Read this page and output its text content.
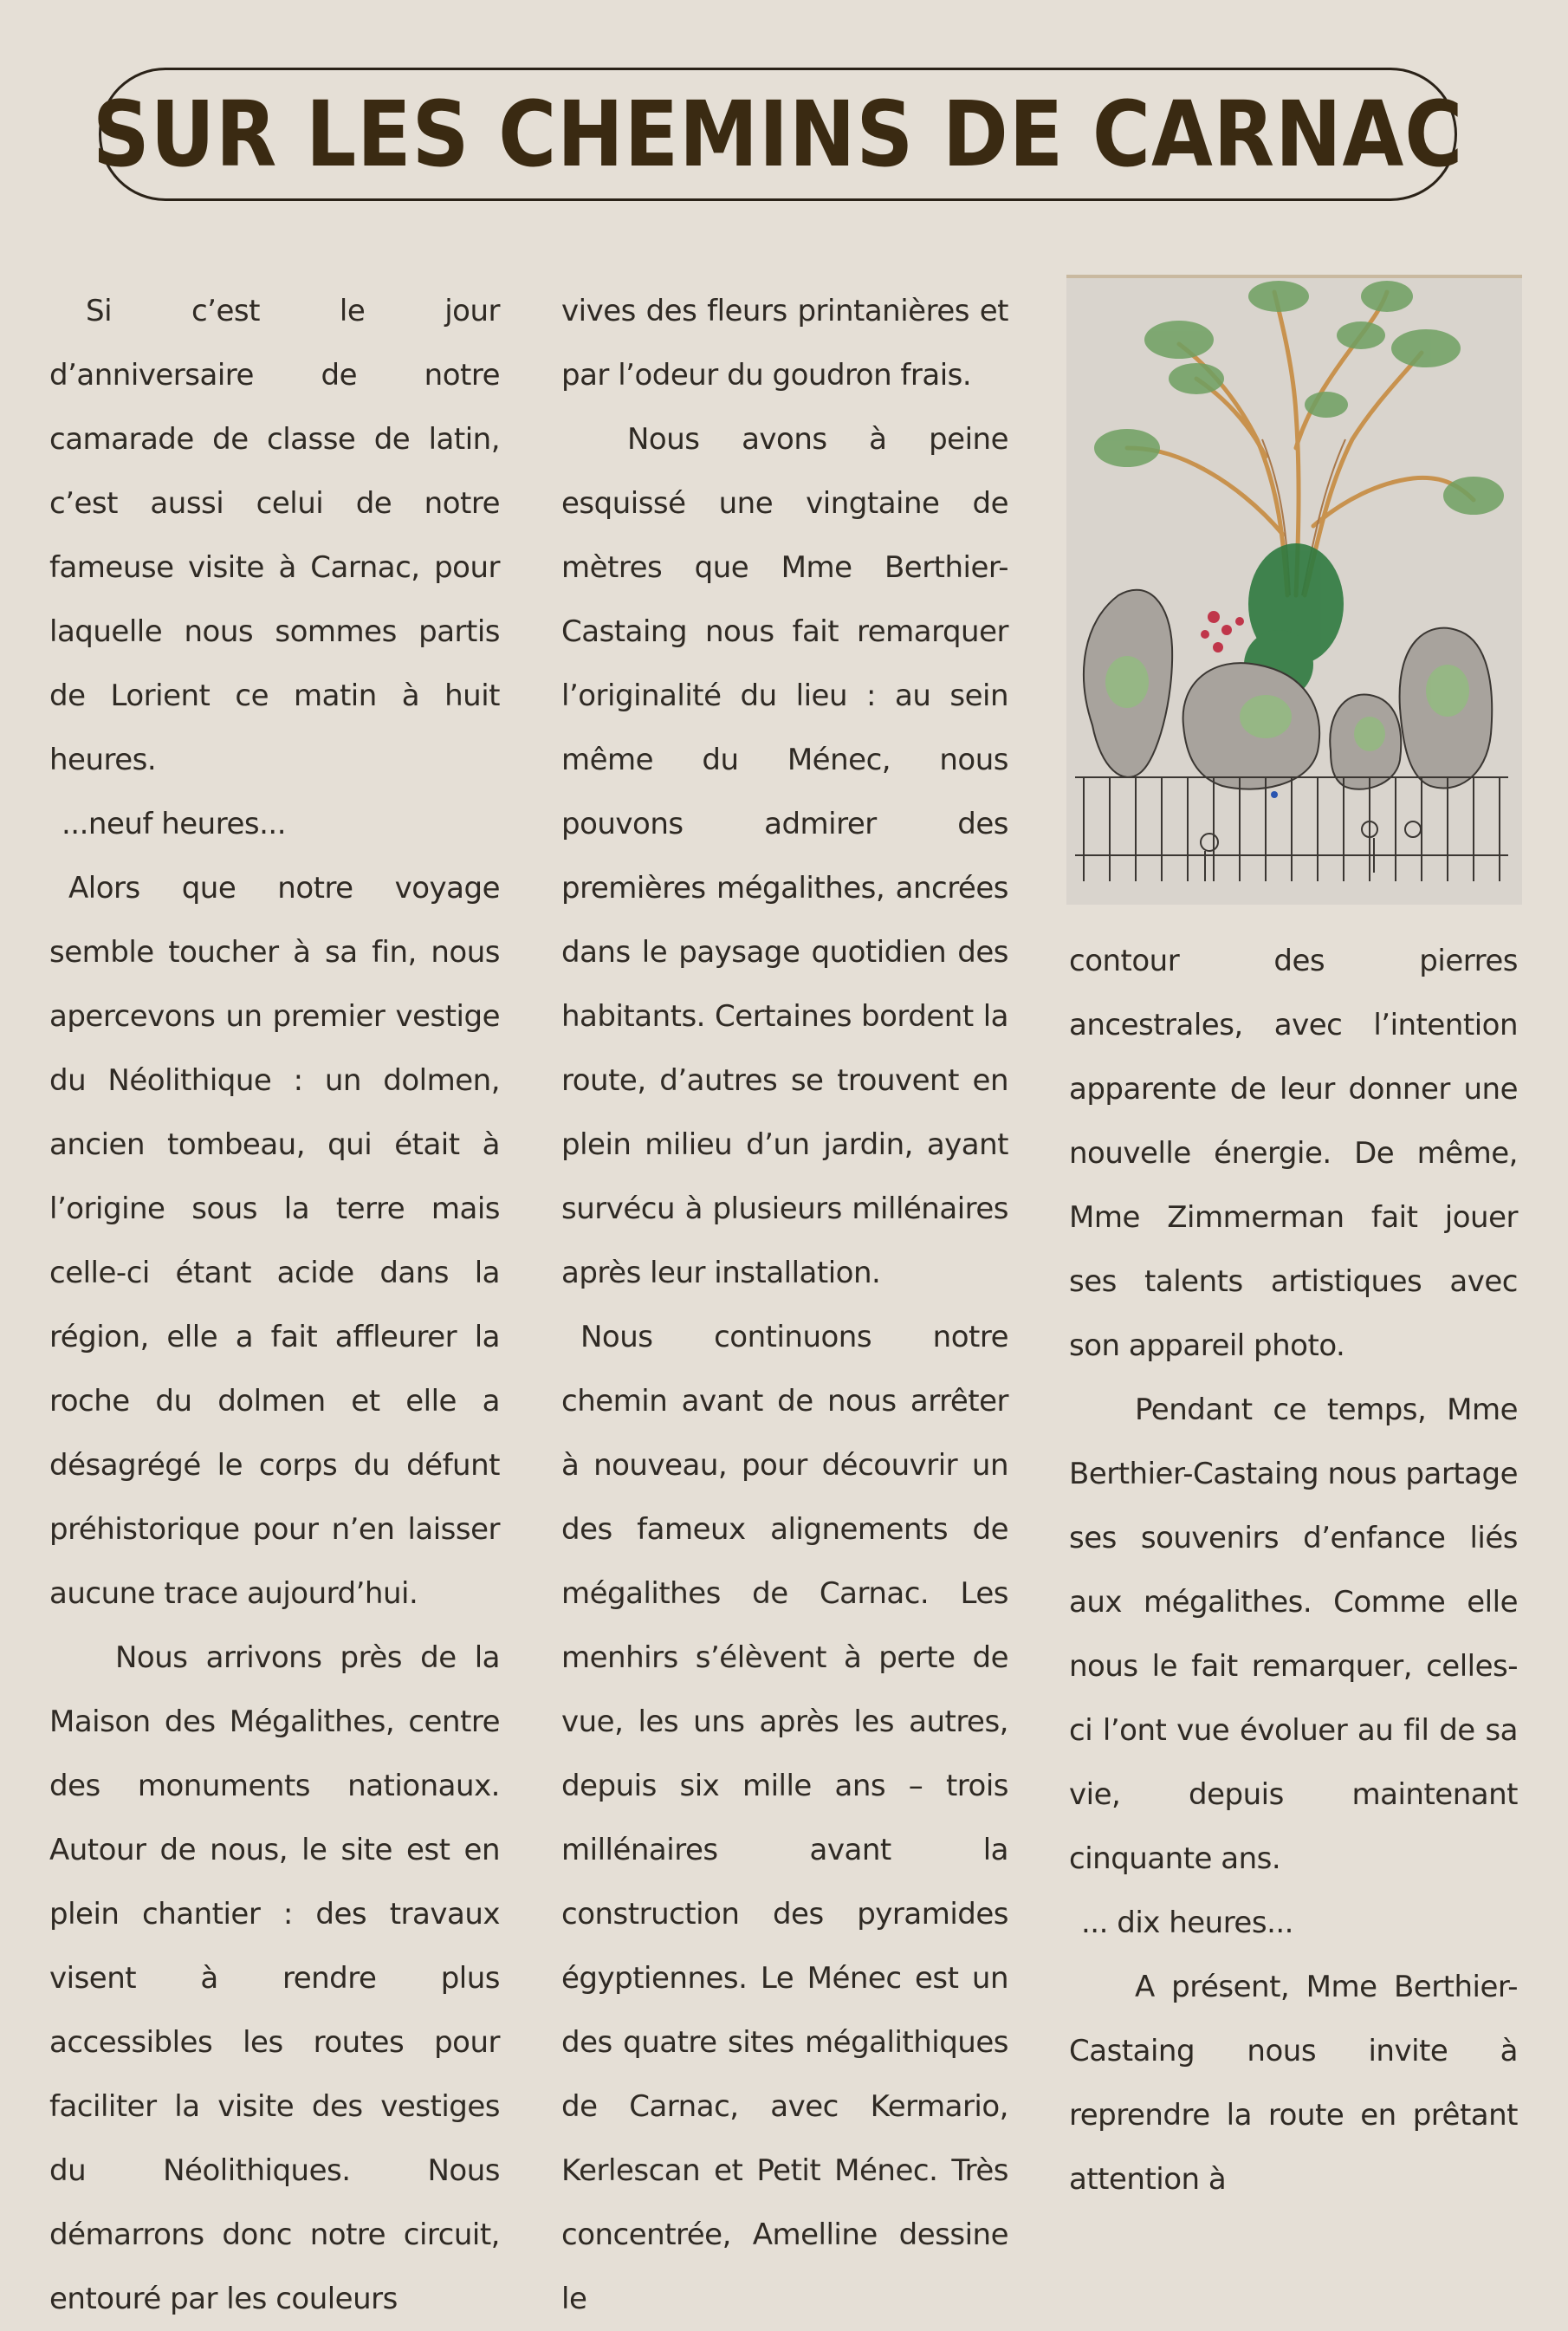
SUR LES CHEMINS DE CARNAC

Si c’est le jour d’anniversaire de notre camarade de classe de latin, c’est aussi celui de notre fameuse visite à Carnac, pour laquelle nous sommes partis de Lorient ce matin à huit heures.

...neuf heures...

Alors que notre voyage semble toucher à sa fin, nous apercevons un premier vestige du Néolithique : un dolmen, ancien tombeau, qui était à l’origine sous la terre mais celle-ci étant acide dans la région, elle a fait affleurer la roche du dolmen et elle a désagrégé le corps du défunt préhistorique pour n’en laisser aucune trace aujourd’hui.

Nous arrivons près de la Maison des Mégalithes, centre des monuments nationaux. Autour de nous, le site est en plein chantier : des travaux visent à rendre plus accessibles les routes pour faciliter la visite des vestiges du Néolithiques. Nous démarrons donc notre circuit, entouré par les couleurs

vives des fleurs printanières et par l’odeur du goudron frais.

Nous avons à peine esquissé une vingtaine de mètres que Mme Berthier-Castaing nous fait remarquer l’originalité du lieu : au sein même du Ménec, nous pouvons admirer des premières mégalithes, ancrées dans le paysage quotidien des habitants. Certaines bordent la route, d’autres se trouvent en plein milieu d’un jardin, ayant survécu à plusieurs millénaires après leur installation.

Nous continuons notre chemin avant de nous arrêter à nouveau, pour découvrir un des fameux alignements de mégalithes de Carnac. Les menhirs s’élèvent à perte de vue, les uns après les autres, depuis six mille ans – trois millénaires avant la construction des pyramides égyptiennes. Le Ménec est un des quatre sites mégalithiques de Carnac, avec Kermario, Kerlescan et Petit Ménec. Très concentrée, Amelline dessine le

contour des pierres ancestrales, avec l’intention apparente de leur donner une nouvelle énergie. De même, Mme Zimmerman fait jouer ses talents artistiques avec son appareil photo.

Pendant ce temps, Mme Berthier-Castaing nous partage ses souvenirs d’enfance liés aux mégalithes. Comme elle nous le fait remarquer, celles-ci l’ont vue évoluer au fil de sa vie, depuis maintenant cinquante ans.

... dix heures...

A présent, Mme Berthier-Castaing nous invite à reprendre la route en prêtant attention à
